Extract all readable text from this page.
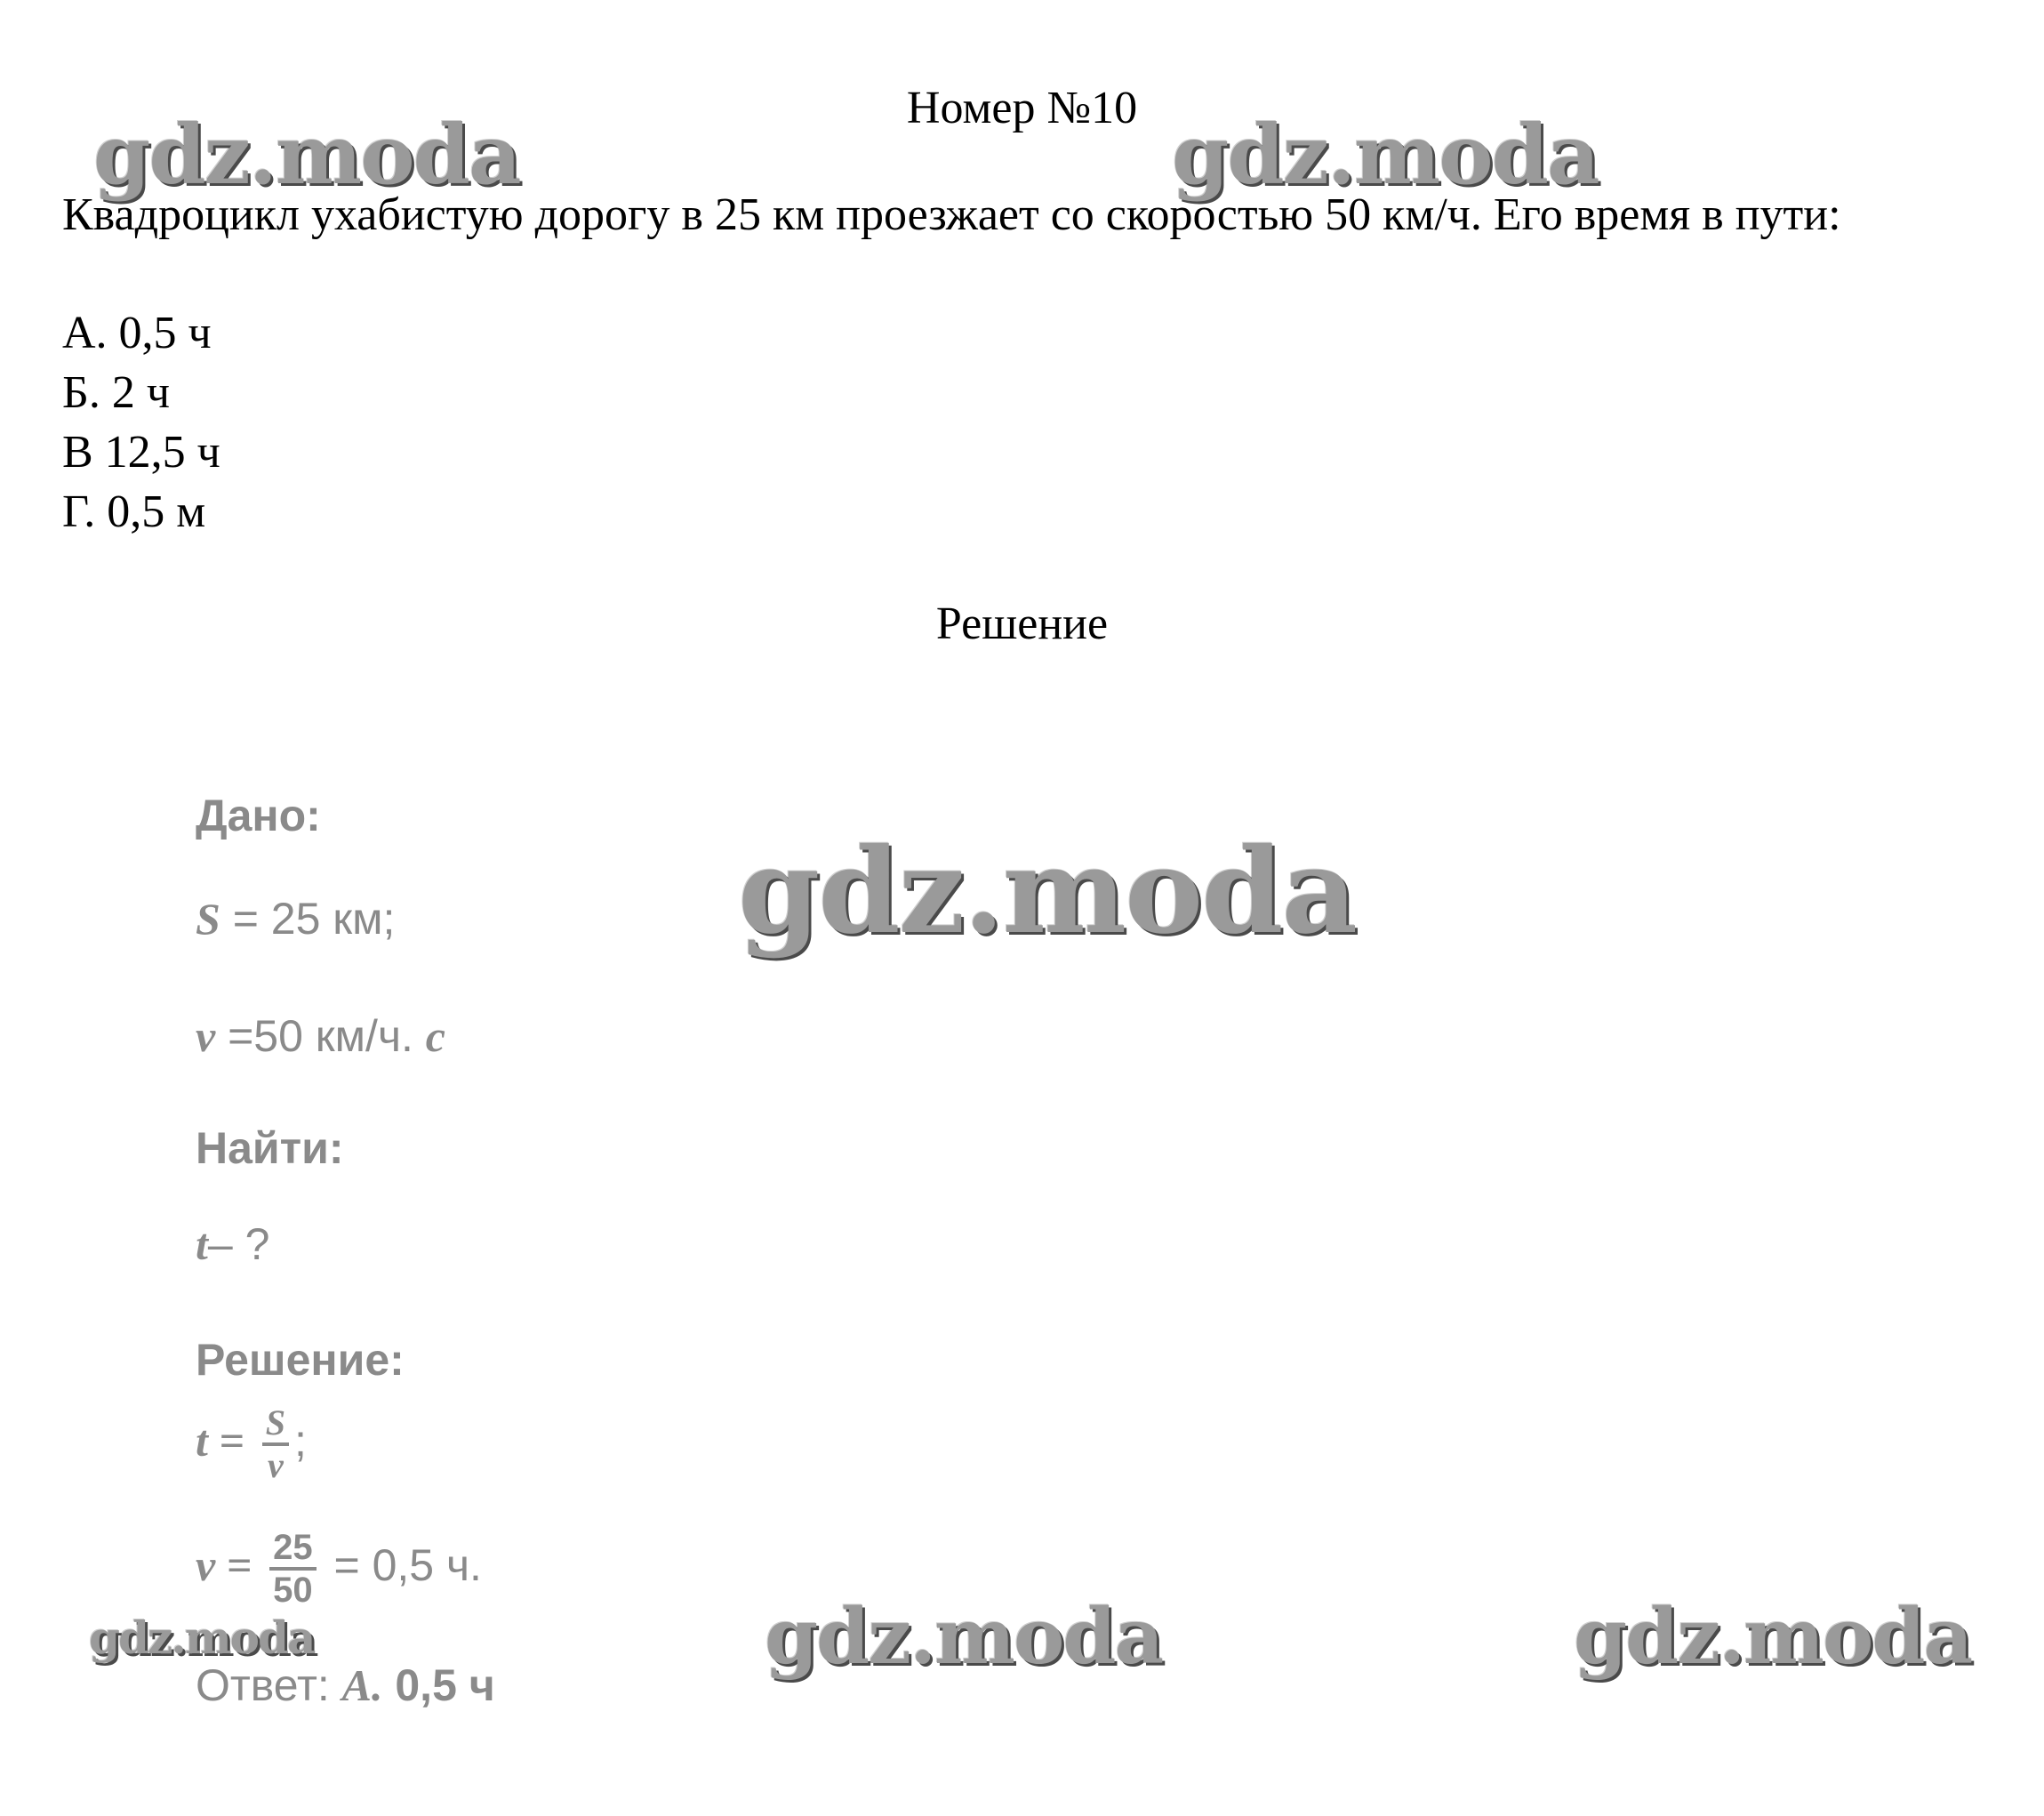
gdz.moda	gdz.moda
gdz.moda
gdz.moda	gdz.moda	gdz.moda
Номер №10
Квадроцикл ухабистую дорогу в 25 км проезжает со скоростью 50 км/ч. Его время в пути:
А. 0,5 ч
Б. 2 ч
В 12,5 ч
Г. 0,5 м
Решение
Дано:
S = 25 км;
v =50 км/ч. c
Найти:
t– ?
Решение:
$t = \frac{S}{v}$ ;
$v = \frac{25}{50} = 0,5$ ч.
Ответ: A. 0,5 ч
